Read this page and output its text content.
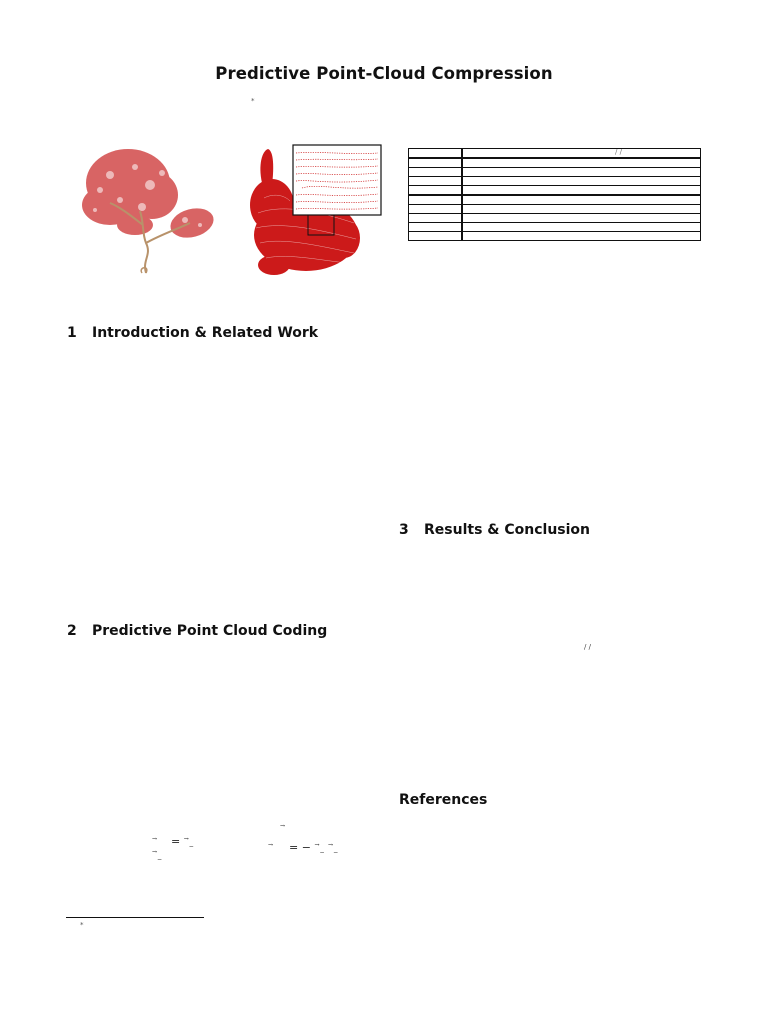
Predictive Point-Cloud Compression
*

	/ /

1 Introduction & Related Work
2 Predictive Point Cloud Coding
3 Results & Conclusion
/ /
References
→ = →$_-$
→$_-$
→
→ = − →$_-$ →$_-$
*
